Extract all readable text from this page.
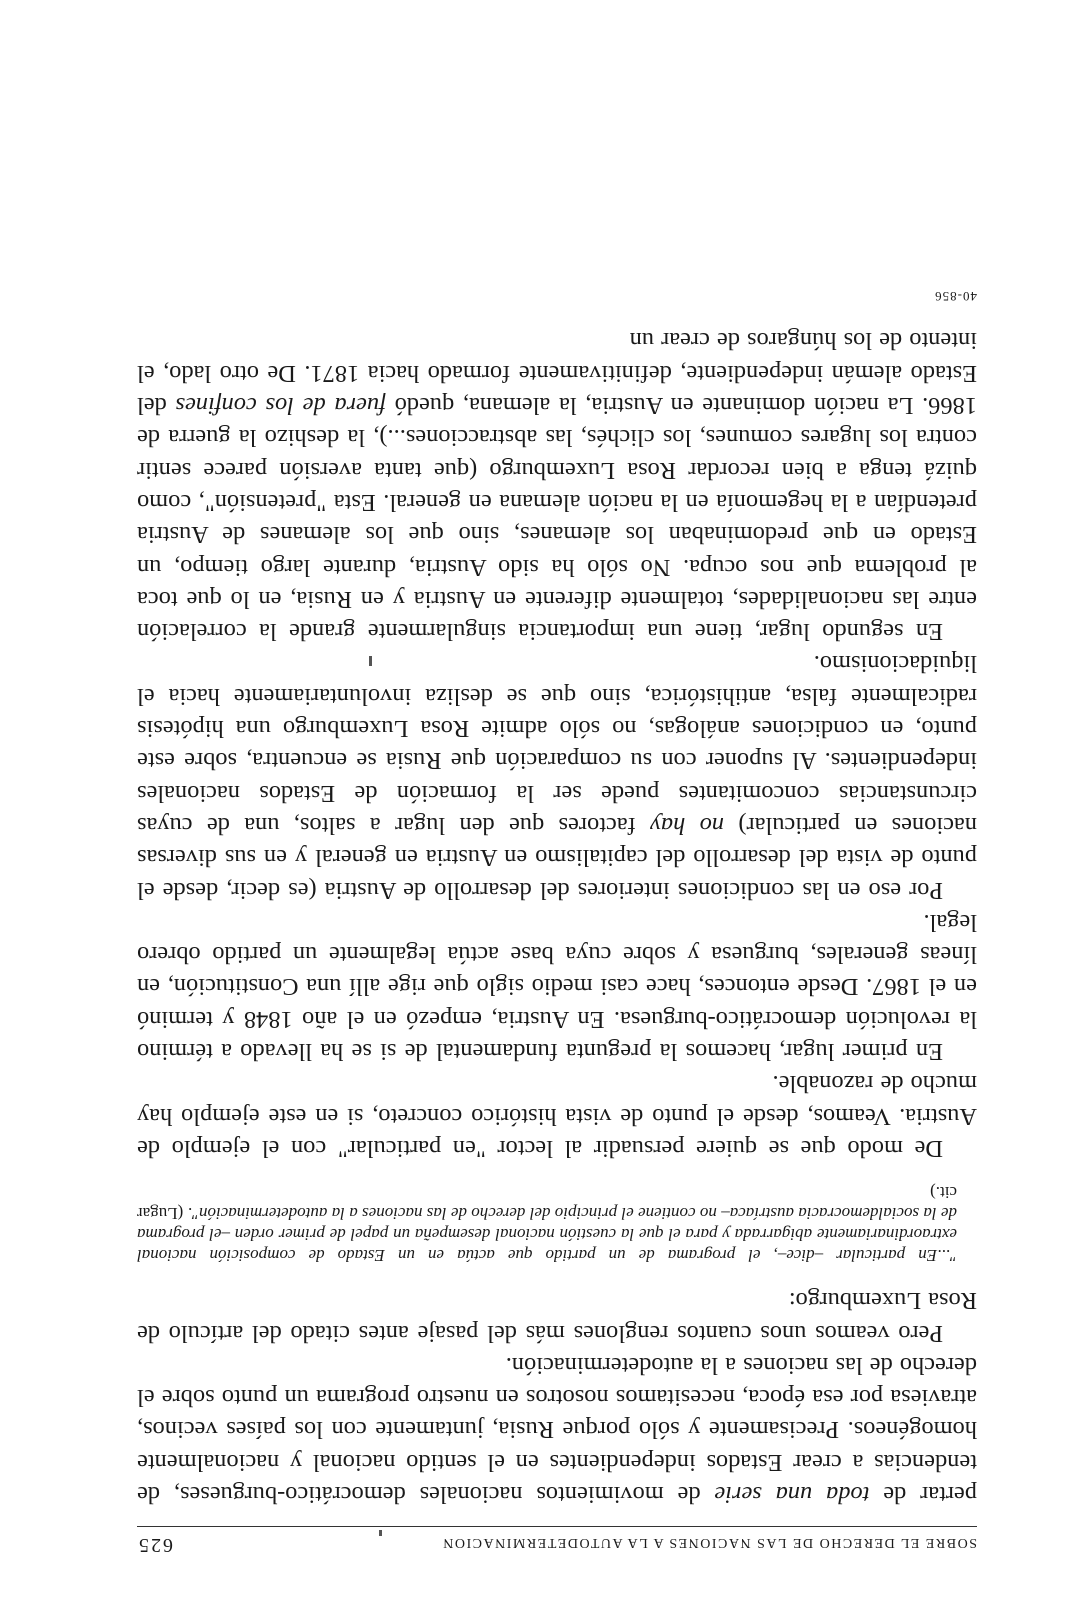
SOBRE EL DERECHO DE LAS NACIONES A LA AUTODETERMINACION
625

pertar de toda una serie de movimientos nacionales democrático-burgueses, de tendencias a crear Estados independientes en el sentido nacional y nacionalmente homogéneos. Precisamente y sólo porque Rusia, juntamente con los países vecinos, atraviesa por esa época, necesitamos nosotros en nuestro programa un punto sobre el derecho de las naciones a la autodeterminación.

Pero veamos unos cuantos renglones más del pasaje antes citado del artículo de Rosa Luxemburgo:

"...En particular –dice–, el programa de un partido que actúa en un Estado de composición nacional extraordinariamente abigarrada y para el que la cuestión nacional desempeña un papel de primer orden –el programa de la socialdemocracia austríaca– no contiene el principio del derecho de las naciones a la autodeterminación". (Lugar cit.)

De modo que se quiere persuadir al lector "en particular" con el ejemplo de Austria. Veamos, desde el punto de vista histórico concreto, si en este ejemplo hay mucho de razonable.

En primer lugar, hacemos la pregunta fundamental de si se ha llevado a término la revolución democrático-burguesa. En Austria, empezó en el año 1848 y terminó en el 1867. Desde entonces, hace casi medio siglo que rige allí una Constitución, en líneas generales, burguesa y sobre cuya base actúa legalmente un partido obrero legal.

Por eso en las condiciones interiores del desarrollo de Austria (es decir, desde el punto de vista del desarrollo del capitalismo en Austria en general y en sus diversas naciones en particular) no hay factores que den lugar a saltos, una de cuyas circunstancias concomitantes puede ser la formación de Estados nacionales independientes. Al suponer con su comparación que Rusia se encuentra, sobre este punto, en condiciones análogas, no sólo admite Rosa Luxemburgo una hipótesis radicalmente falsa, antihistórica, sino que se desliza involuntariamente hacia el liquidacionismo.

En segundo lugar, tiene una importancia singularmente grande la correlación entre las nacionalidades, totalmente diferente en Austria y en Rusia, en lo que toca al problema que nos ocupa. No sólo ha sido Austria, durante largo tiempo, un Estado en que predominaban los alemanes, sino que los alemanes de Austria pretendían a la hegemonía en la nación alemana en general. Esta "pretensión", como quizá tenga a bien recordar Rosa Luxemburgo (que tanta aversión parece sentir contra los lugares comunes, los clichés, las abstracciones...), la deshizo la guerra de 1866. La nación dominante en Austria, la alemana, quedó fuera de los confines del Estado alemán independiente, definitivamente formado hacia 1871. De otro lado, el intento de los húngaros de crear un

40-856
